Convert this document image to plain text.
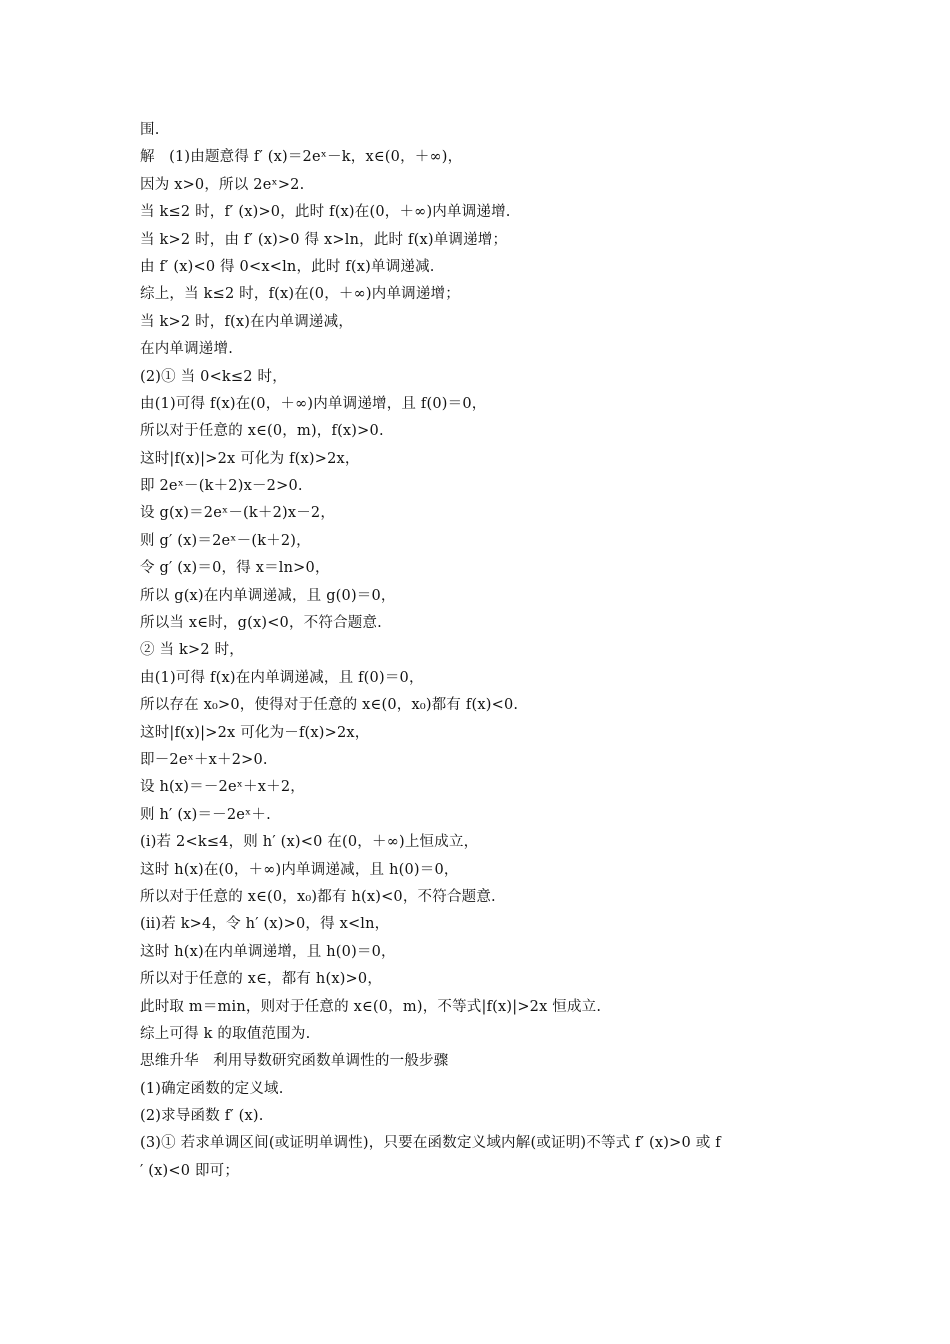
围.
解   (1)由题意得 f′ (x)＝2eˣ－k，x∈(0，＋∞)，
因为 x>0，所以 2eˣ>2.
当 k≤2 时，f′ (x)>0，此时 f(x)在(0，＋∞)内单调递增.
当 k>2 时，由 f′ (x)>0 得 x>ln，此时 f(x)单调递增；
由 f′ (x)<0 得 0<x<ln，此时 f(x)单调递减.
综上，当 k≤2 时，f(x)在(0，＋∞)内单调递增；
当 k>2 时，f(x)在内单调递减，
在内单调递增.
(2)① 当 0<k≤2 时，
由(1)可得 f(x)在(0，＋∞)内单调递增，且 f(0)＝0，
所以对于任意的 x∈(0，m)，f(x)>0.
这时|f(x)|>2x 可化为 f(x)>2x，
即 2eˣ－(k＋2)x－2>0.
设 g(x)＝2eˣ－(k＋2)x－2，
则 g′ (x)＝2eˣ－(k＋2)，
令 g′ (x)＝0，得 x＝ln>0，
所以 g(x)在内单调递减，且 g(0)＝0，
所以当 x∈时，g(x)<0，不符合题意.
② 当 k>2 时，
由(1)可得 f(x)在内单调递减，且 f(0)＝0，
所以存在 x₀>0，使得对于任意的 x∈(0，x₀)都有 f(x)<0.
这时|f(x)|>2x 可化为－f(x)>2x，
即－2eˣ＋x＋2>0.
设 h(x)＝－2eˣ＋x＋2，
则 h′ (x)＝－2eˣ＋.
(ⅰ)若 2<k≤4，则 h′ (x)<0 在(0，＋∞)上恒成立，
这时 h(x)在(0，＋∞)内单调递减，且 h(0)＝0，
所以对于任意的 x∈(0，x₀)都有 h(x)<0，不符合题意.
(ⅱ)若 k>4，令 h′ (x)>0，得 x<ln，
这时 h(x)在内单调递增，且 h(0)＝0，
所以对于任意的 x∈，都有 h(x)>0，
此时取 m＝min，则对于任意的 x∈(0，m)，不等式|f(x)|>2x 恒成立.
综上可得 k 的取值范围为.
思维升华   利用导数研究函数单调性的一般步骤
(1)确定函数的定义域.
(2)求导函数 f′ (x).
(3)① 若求单调区间(或证明单调性)，只要在函数定义域内解(或证明)不等式 f′ (x)>0 或 f
′ (x)<0 即可；
